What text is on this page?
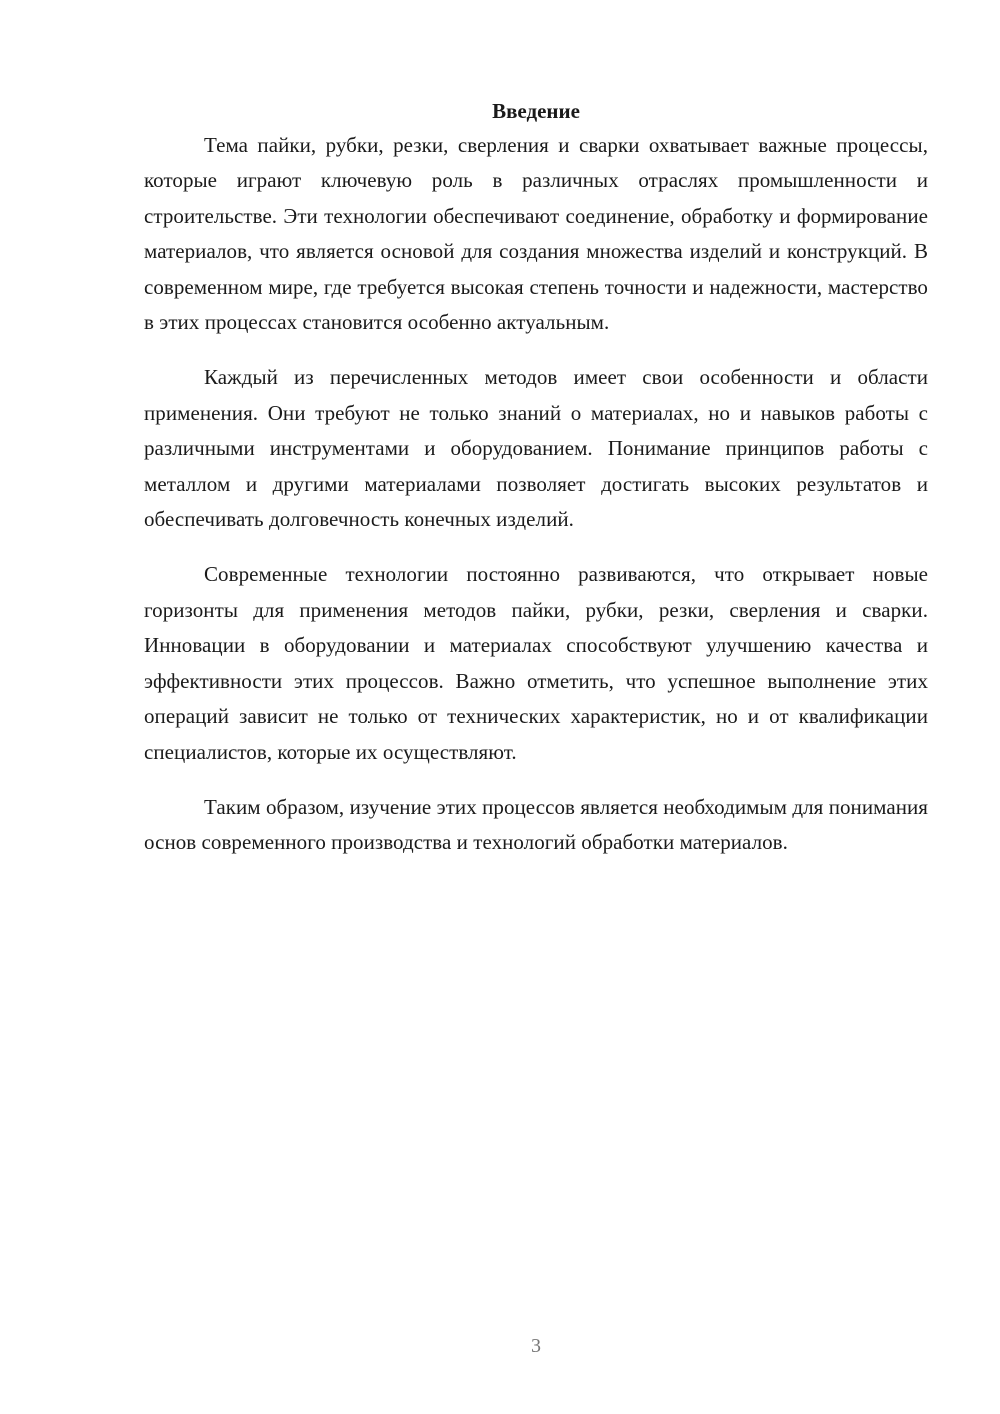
Введение

Тема пайки, рубки, резки, сверления и сварки охватывает важные процессы, которые играют ключевую роль в различных отраслях промышленности и строительстве. Эти технологии обеспечивают соединение, обработку и формирование материалов, что является основой для создания множества изделий и конструкций. В современном мире, где требуется высокая степень точности и надежности, мастерство в этих процессах становится особенно актуальным.

Каждый из перечисленных методов имеет свои особенности и области применения. Они требуют не только знаний о материалах, но и навыков работы с различными инструментами и оборудованием. Понимание принципов работы с металлом и другими материалами позволяет достигать высоких результатов и обеспечивать долговечность конечных изделий.

Современные технологии постоянно развиваются, что открывает новые горизонты для применения методов пайки, рубки, резки, сверления и сварки. Инновации в оборудовании и материалах способствуют улучшению качества и эффективности этих процессов. Важно отметить, что успешное выполнение этих операций зависит не только от технических характеристик, но и от квалификации специалистов, которые их осуществляют.

Таким образом, изучение этих процессов является необходимым для понимания основ современного производства и технологий обработки материалов.

3
